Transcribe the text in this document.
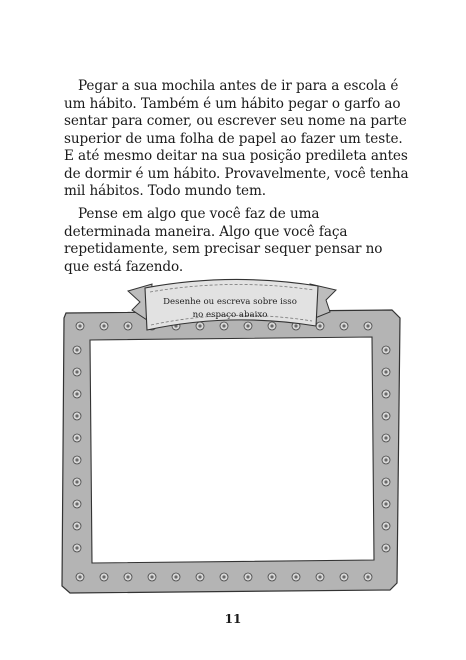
Pegar a sua mochila antes de ir para a escola é um hábito. Também é um hábito pegar o garfo ao sentar para comer, ou escrever seu nome na parte superior de uma folha de papel ao fazer um teste. E até mesmo deitar na sua posição predileta antes de dormir é um hábito. Provavelmente, você tenha mil hábitos. Todo mundo tem.

Pense em algo que você faz de uma determinada maneira. Algo que você faça repetidamente, sem precisar sequer pensar no que está fazendo.

Desenhe ou escreva sobre isso
no espaço abaixo
11
